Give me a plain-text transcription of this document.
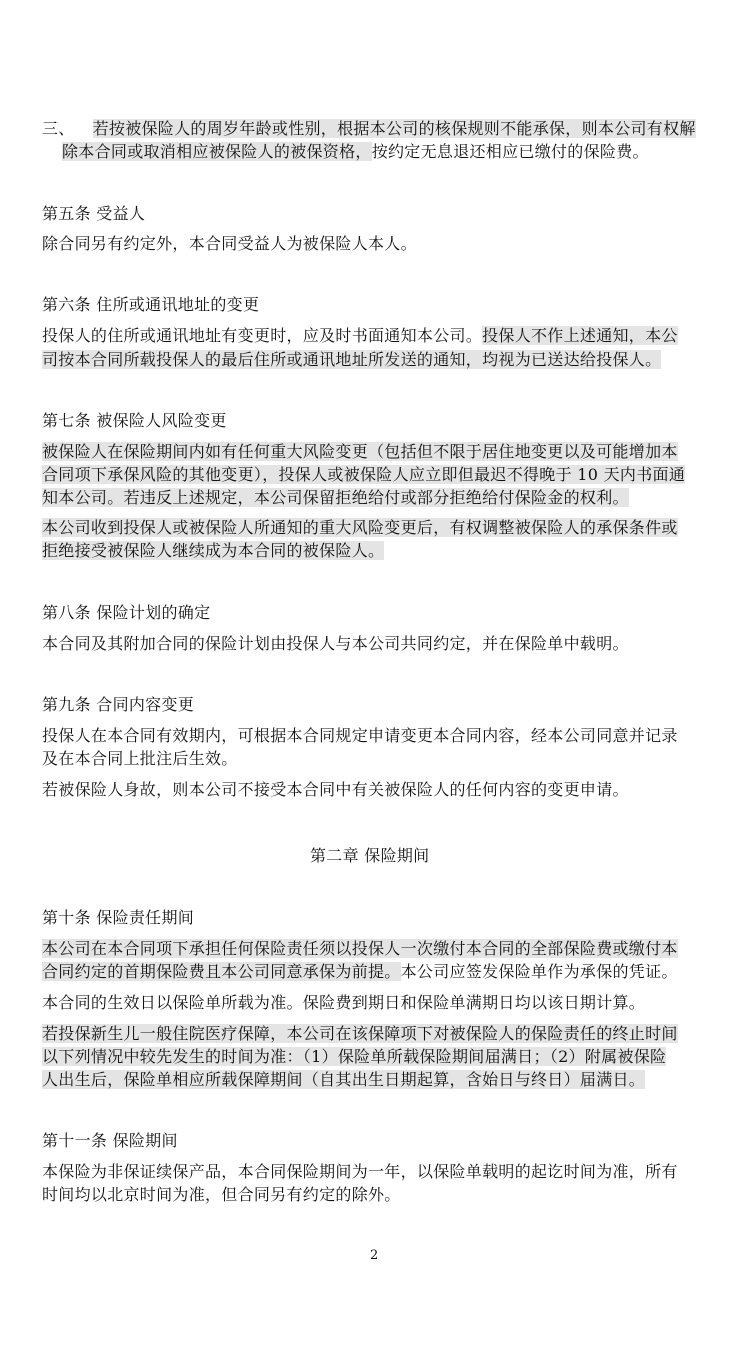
三、 若按被保险人的周岁年龄或性别，根据本公司的核保规则不能承保，则本公司有权解
除本合同或取消相应被保险人的被保资格，按约定无息退还相应已缴付的保险费。
第五条 受益人
除合同另有约定外，本合同受益人为被保险人本人。
第六条 住所或通讯地址的变更
投保人的住所或通讯地址有变更时，应及时书面通知本公司。投保人不作上述通知，本公
司按本合同所载投保人的最后住所或通讯地址所发送的通知，均视为已送达给投保人。
第七条 被保险人风险变更
被保险人在保险期间内如有任何重大风险变更（包括但不限于居住地变更以及可能增加本
合同项下承保风险的其他变更），投保人或被保险人应立即但最迟不得晚于 10 天内书面通
知本公司。若违反上述规定，本公司保留拒绝给付或部分拒绝给付保险金的权利。
本公司收到投保人或被保险人所通知的重大风险变更后，有权调整被保险人的承保条件或
拒绝接受被保险人继续成为本合同的被保险人。
第八条 保险计划的确定
本合同及其附加合同的保险计划由投保人与本公司共同约定，并在保险单中载明。
第九条 合同内容变更
投保人在本合同有效期内，可根据本合同规定申请变更本合同内容，经本公司同意并记录
及在本合同上批注后生效。
若被保险人身故，则本公司不接受本合同中有关被保险人的任何内容的变更申请。
第二章 保险期间
第十条 保险责任期间
本公司在本合同项下承担任何保险责任须以投保人一次缴付本合同的全部保险费或缴付本
合同约定的首期保险费且本公司同意承保为前提。本公司应签发保险单作为承保的凭证。
本合同的生效日以保险单所载为准。保险费到期日和保险单满期日均以该日期计算。
若投保新生儿一般住院医疗保障，本公司在该保障项下对被保险人的保险责任的终止时间
以下列情况中较先发生的时间为准：（1）保险单所载保险期间届满日；（2）附属被保险
人出生后，保险单相应所载保障期间（自其出生日期起算，含始日与终日）届满日。
第十一条 保险期间
本保险为非保证续保产品，本合同保险期间为一年，以保险单载明的起讫时间为准，所有
时间均以北京时间为准，但合同另有约定的除外。
2
